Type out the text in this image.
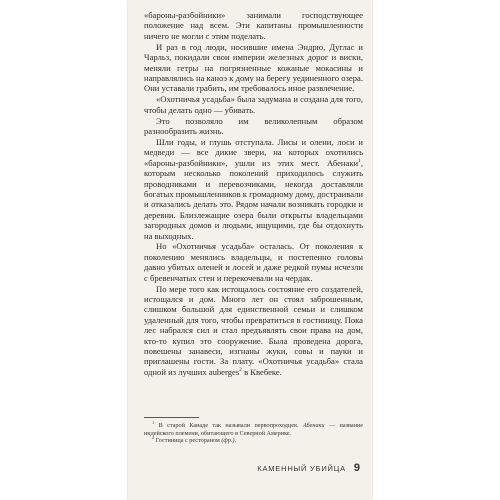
«бароны-разбойники» занимали господствующее положение над всем. Эти капитаны промышленности ничего не могли с этим поделать.

И раз в год люди, носившие имена Эндрю, Дуглас и Чарльз, покидали свои империи железных дорог и виски, меняли гетры на погрязненные кожаные мокасины и направлялись на каноэ к дому на берегу уединенного озера. Они уставали грабить, им требовалось иное развлечение.

«Охотничья усадьба» была задумана и создана для того, чтобы делать одно — убивать.

Это позволяло им великолепным образом разнообразить жизнь.

Шли годы, и глушь отступала. Лисы и олени, лоси и медведи — все дикие звери, на которых охотились «бароны-разбойники», ушли из этих мест. Абенаки$^1$, которым несколько поколений приходилось служить проводниками и перевозчиками, некогда доставляли богатых промышленников к громадному дому, достраивали и отказались делать это. Рядом начали возникать городки и деревни. Близлежащие озера были открыты владельцами загородных домов и людьми, ищущими, где бы отдохнуть на выходных.

Но «Охотничья усадьба» осталась. От поколения к поколению менялись владельцы, и постепенно головы давно убитых оленей и лосей и даже редкой пумы исчезли с бревенчатых стен и перекочевали на чердак.

По мере того как истощалось состояние его создателей, истощался и дом. Много лет он стоял заброшенным, слишком большой для единственной семьи и слишком удаленный для того, чтобы превратиться в гостиницу. Пока лес набрался сил и стал предъявлять свои права на дом, кто-то купил это сооружение. Была проведена дорога, повешены занавеси, изгнаны жуки, совы и пауки и приглашены гости. За плату. «Охотничья усадьба» стала одной из лучших auberges$^2$ в Квебеке.

$^1$ В старой Канаде так называли первопроходцев. Абенаки — название индейского племени, обитающего в Северной Америке.
$^2$ Гостиница с рестораном (фр.).
КАМЕННЫЙ УБИЙЦА 9
